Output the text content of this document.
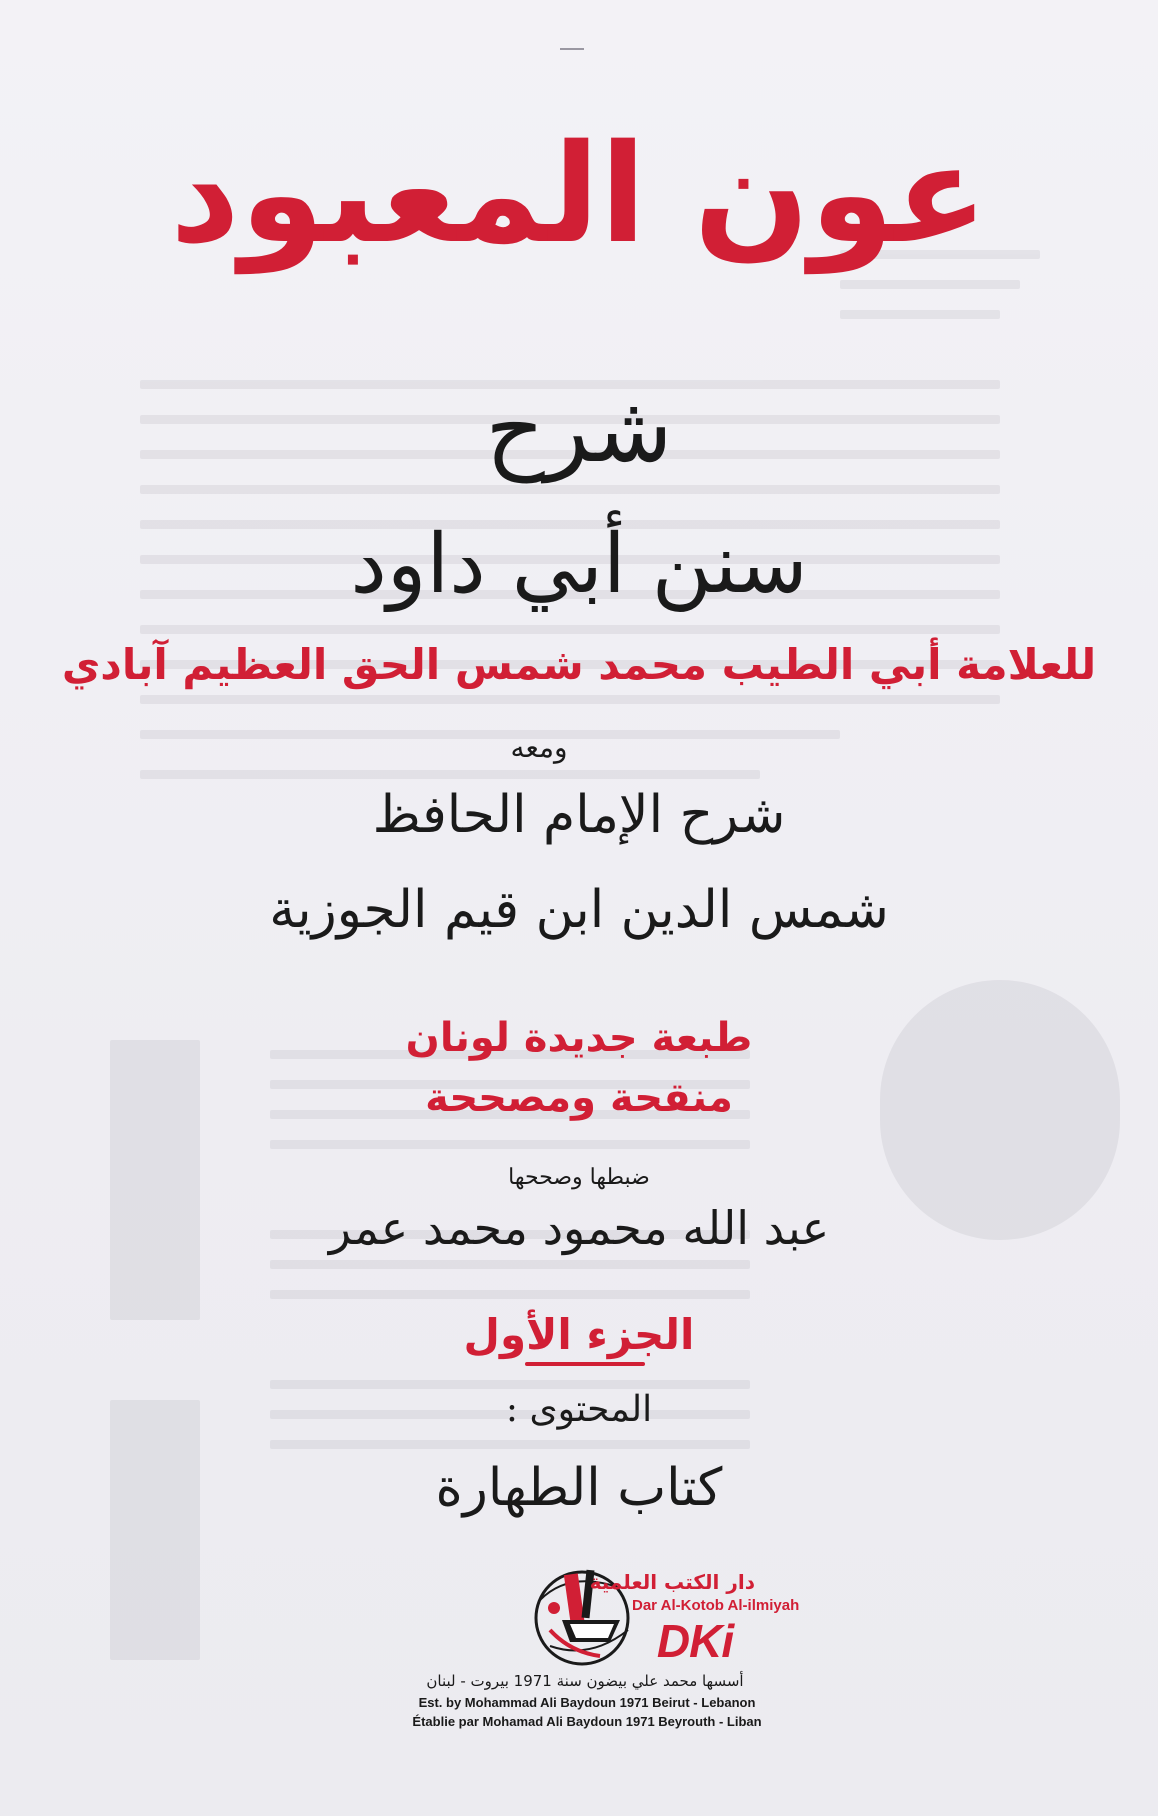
عون المعبود
شرح
سنن أبي داود
للعلامة أبي الطيب محمد شمس الحق العظيم آبادي
ومعه
شرح الإمام الحافظ
شمس الدين ابن قيم الجوزية
طبعة جديدة لونان
منقحة ومصححة
ضبطها وصححها
عبد الله محمود محمد عمر
الجزء الأول
المحتوى :
كتاب الطهارة
دار الكتب العلمية
Dar Al-Kotob Al-ilmiyah
DKi
أسسها محمد علي بيضون سنة 1971 بيروت - لبنان
Est. by Mohammad Ali Baydoun 1971 Beirut - Lebanon
Établie par Mohamad Ali Baydoun 1971 Beyrouth - Liban
